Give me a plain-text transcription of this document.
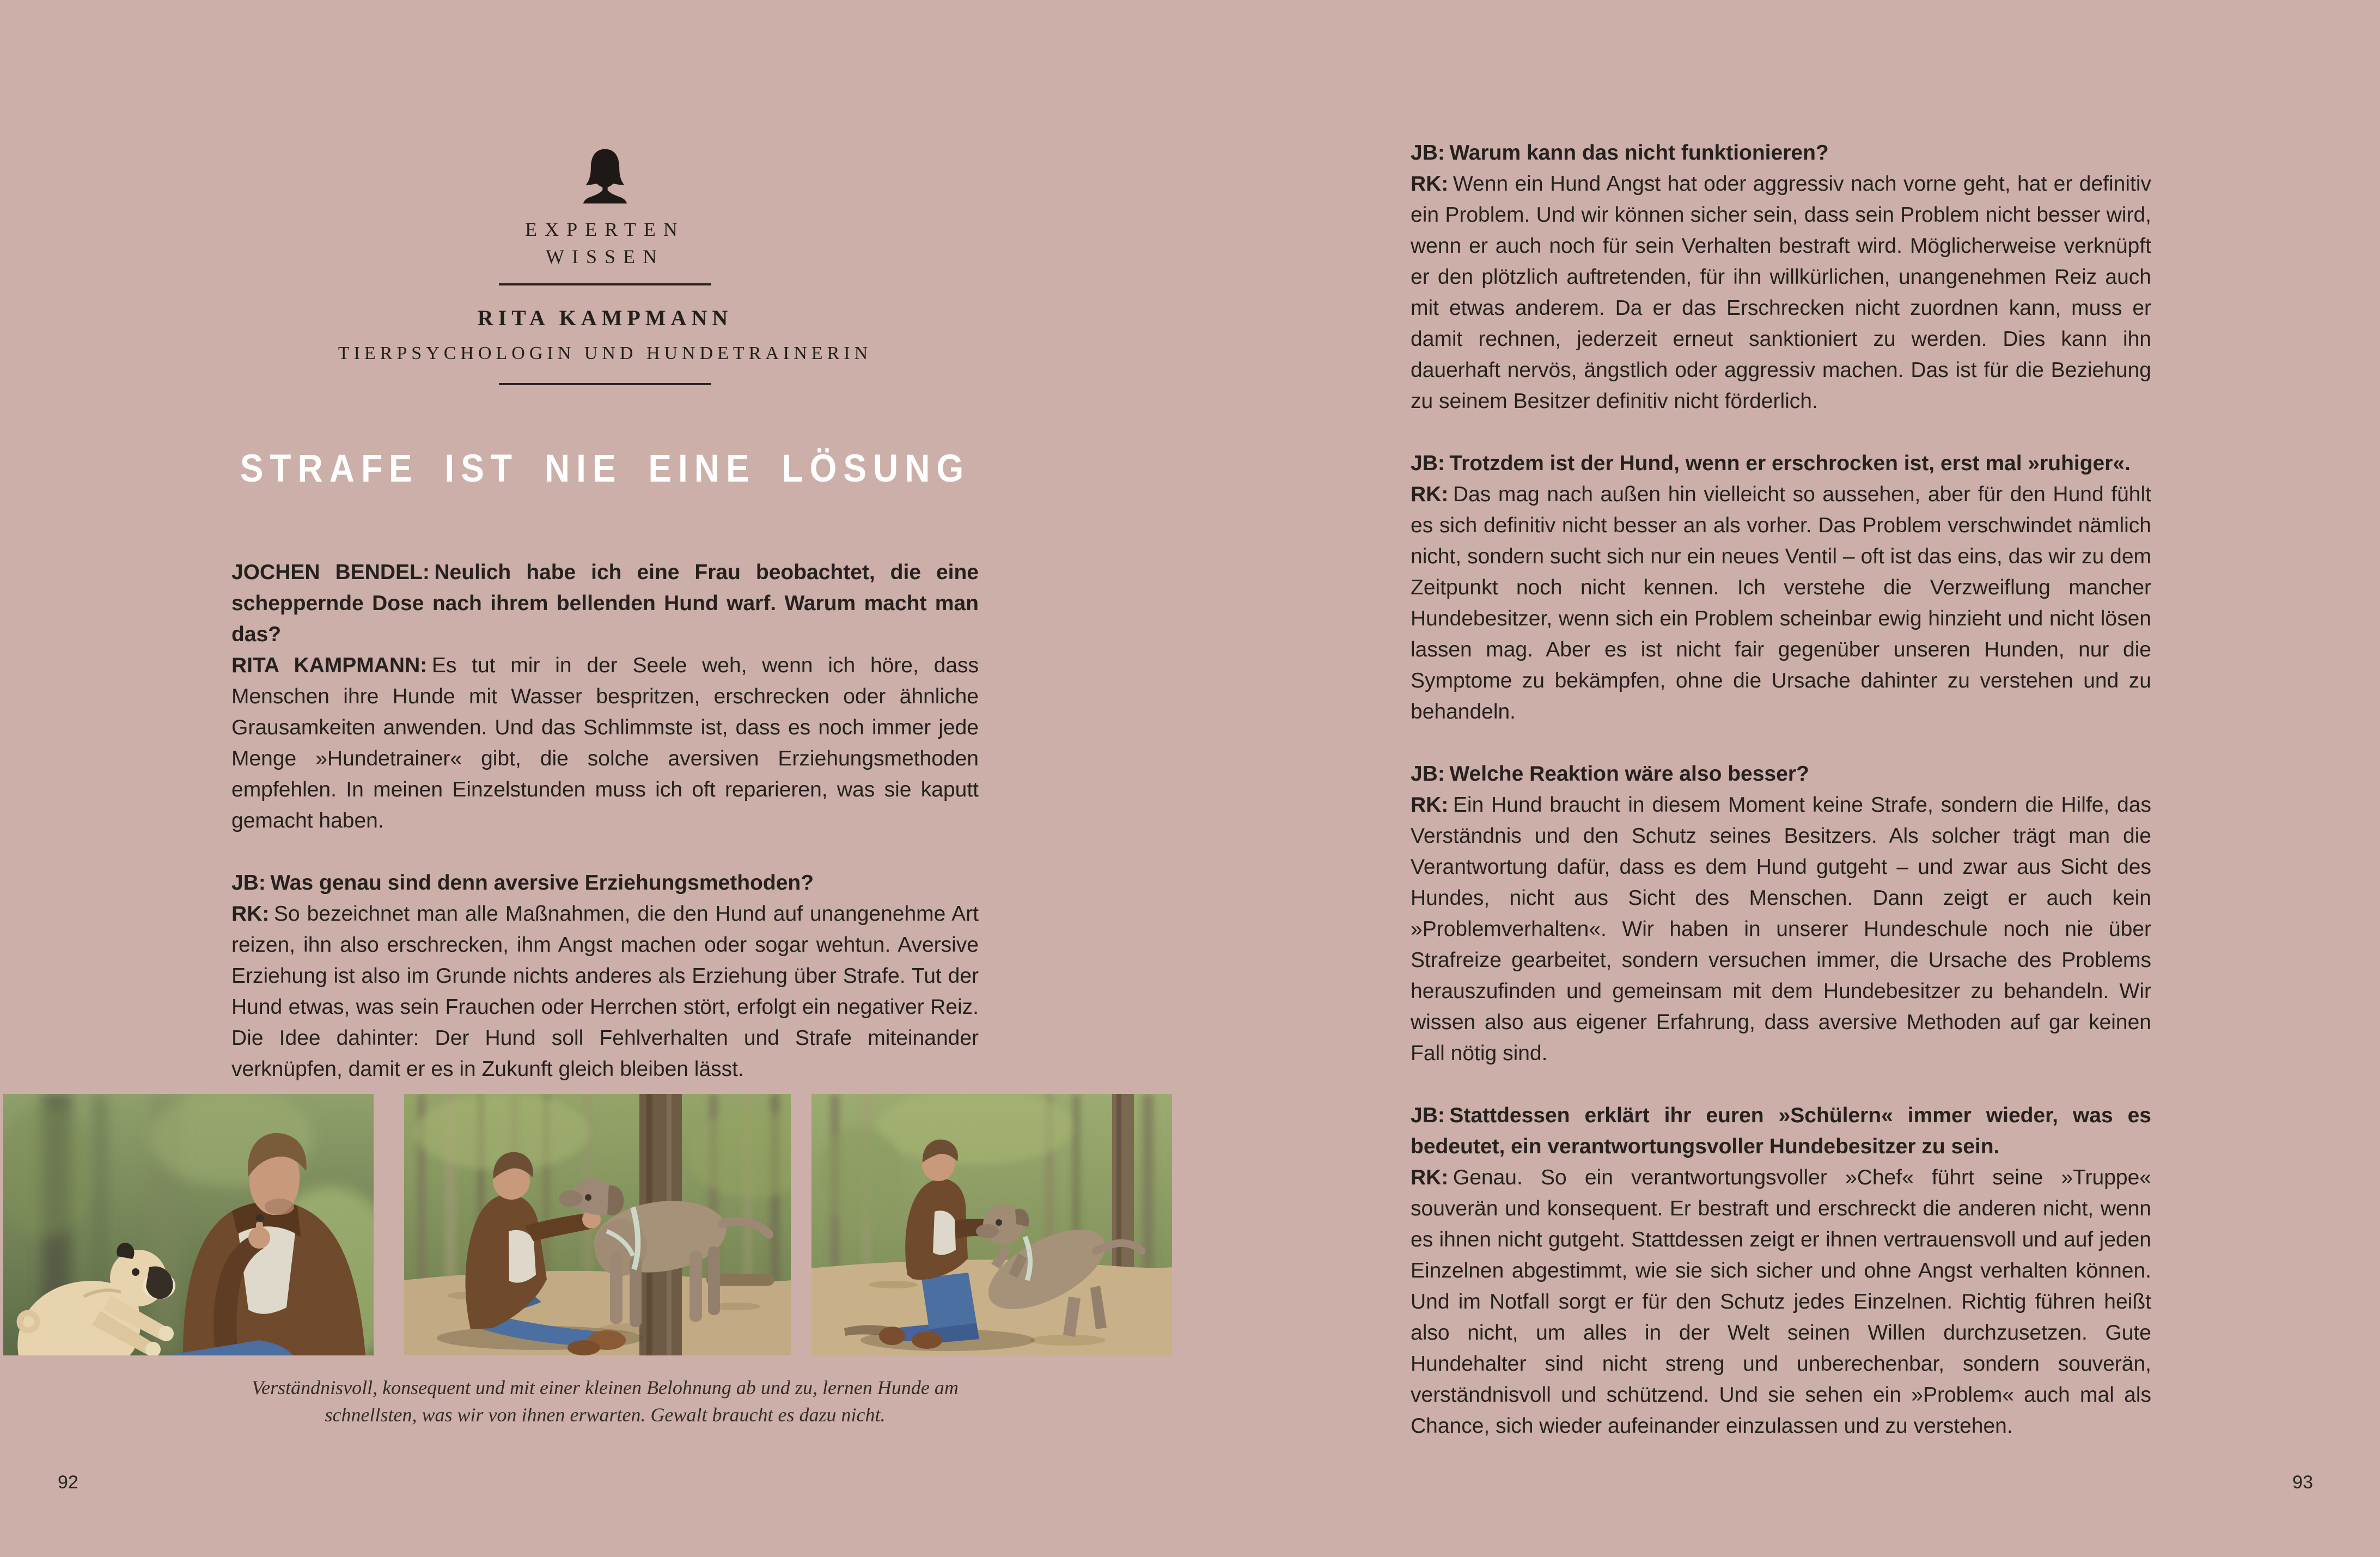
EXPERTEN
WISSEN
RITA KAMPMANN
TIERPSYCHOLOGIN UND HUNDETRAINERIN
STRAFE IST NIE EINE LÖSUNG

JOCHEN BENDEL: Neulich habe ich eine Frau beobachtet, die eine scheppernde Dose nach ihrem bellenden Hund warf. Warum macht man das?

RITA KAMPMANN: Es tut mir in der Seele weh, wenn ich höre, dass Menschen ihre Hunde mit Wasser bespritzen, erschrecken oder ähnliche Grausamkeiten anwenden. Und das Schlimmste ist, dass es noch immer jede Menge »Hundetrainer« gibt, die solche aversiven Erziehungsmethoden empfehlen. In meinen Einzelstunden muss ich oft reparieren, was sie kaputt gemacht haben.

JB: Was genau sind denn aversive Erziehungsmethoden?

RK: So bezeichnet man alle Maßnahmen, die den Hund auf unangenehme Art reizen, ihn also erschrecken, ihm Angst machen oder sogar wehtun. Aversive Erziehung ist also im Grunde nichts anderes als Erziehung über Strafe. Tut der Hund etwas, was sein Frauchen oder Herrchen stört, erfolgt ein negativer Reiz. Die Idee dahinter: Der Hund soll Fehlverhalten und Strafe miteinander verknüpfen, damit er es in Zukunft gleich bleiben lässt.

Verständnisvoll, konsequent und mit einer kleinen Belohnung ab und zu, lernen Hunde am schnellsten, was wir von ihnen erwarten. Gewalt braucht es dazu nicht.
92

JB: Warum kann das nicht funktionieren?

RK: Wenn ein Hund Angst hat oder aggressiv nach vorne geht, hat er definitiv ein Problem. Und wir können sicher sein, dass sein Problem nicht besser wird, wenn er auch noch für sein Verhalten bestraft wird. Möglicherweise verknüpft er den plötzlich auftretenden, für ihn willkürlichen, unangenehmen Reiz auch mit etwas anderem. Da er das Erschrecken nicht zuordnen kann, muss er damit rechnen, jederzeit erneut sanktioniert zu werden. Dies kann ihn dauerhaft nervös, ängstlich oder aggressiv machen. Das ist für die Beziehung zu seinem Besitzer definitiv nicht förderlich.

JB: Trotzdem ist der Hund, wenn er erschrocken ist, erst mal »ruhiger«.

RK: Das mag nach außen hin vielleicht so aussehen, aber für den Hund fühlt es sich definitiv nicht besser an als vorher. Das Problem verschwindet nämlich nicht, sondern sucht sich nur ein neues Ventil – oft ist das eins, das wir zu dem Zeitpunkt noch nicht kennen. Ich verstehe die Verzweiflung mancher Hundebesitzer, wenn sich ein Problem scheinbar ewig hinzieht und nicht lösen lassen mag. Aber es ist nicht fair gegenüber unseren Hunden, nur die Symptome zu bekämpfen, ohne die Ursache dahinter zu verstehen und zu behandeln.

JB: Welche Reaktion wäre also besser?

RK: Ein Hund braucht in diesem Moment keine Strafe, sondern die Hilfe, das Verständnis und den Schutz seines Besitzers. Als solcher trägt man die Verantwortung dafür, dass es dem Hund gutgeht – und zwar aus Sicht des Hundes, nicht aus Sicht des Menschen. Dann zeigt er auch kein »Problemverhalten«. Wir haben in unserer Hundeschule noch nie über Strafreize gearbeitet, sondern versuchen immer, die Ursache des Problems herauszufinden und gemeinsam mit dem Hundebesitzer zu behandeln. Wir wissen also aus eigener Erfahrung, dass aversive Methoden auf gar keinen Fall nötig sind.

JB: Stattdessen erklärt ihr euren »Schülern« immer wieder, was es bedeutet, ein verantwortungsvoller Hundebesitzer zu sein.

RK: Genau. So ein verantwortungsvoller »Chef« führt seine »Truppe« souverän und konsequent. Er bestraft und erschreckt die anderen nicht, wenn es ihnen nicht gutgeht. Stattdessen zeigt er ihnen vertrauensvoll und auf jeden Einzelnen abgestimmt, wie sie sich sicher und ohne Angst verhalten können. Und im Notfall sorgt er für den Schutz jedes Einzelnen. Richtig führen heißt also nicht, um alles in der Welt seinen Willen durchzusetzen. Gute Hundehalter sind nicht streng und unberechenbar, sondern souverän, verständnisvoll und schützend. Und sie sehen ein »Problem« auch mal als Chance, sich wieder aufeinander einzulassen und zu verstehen.

93
